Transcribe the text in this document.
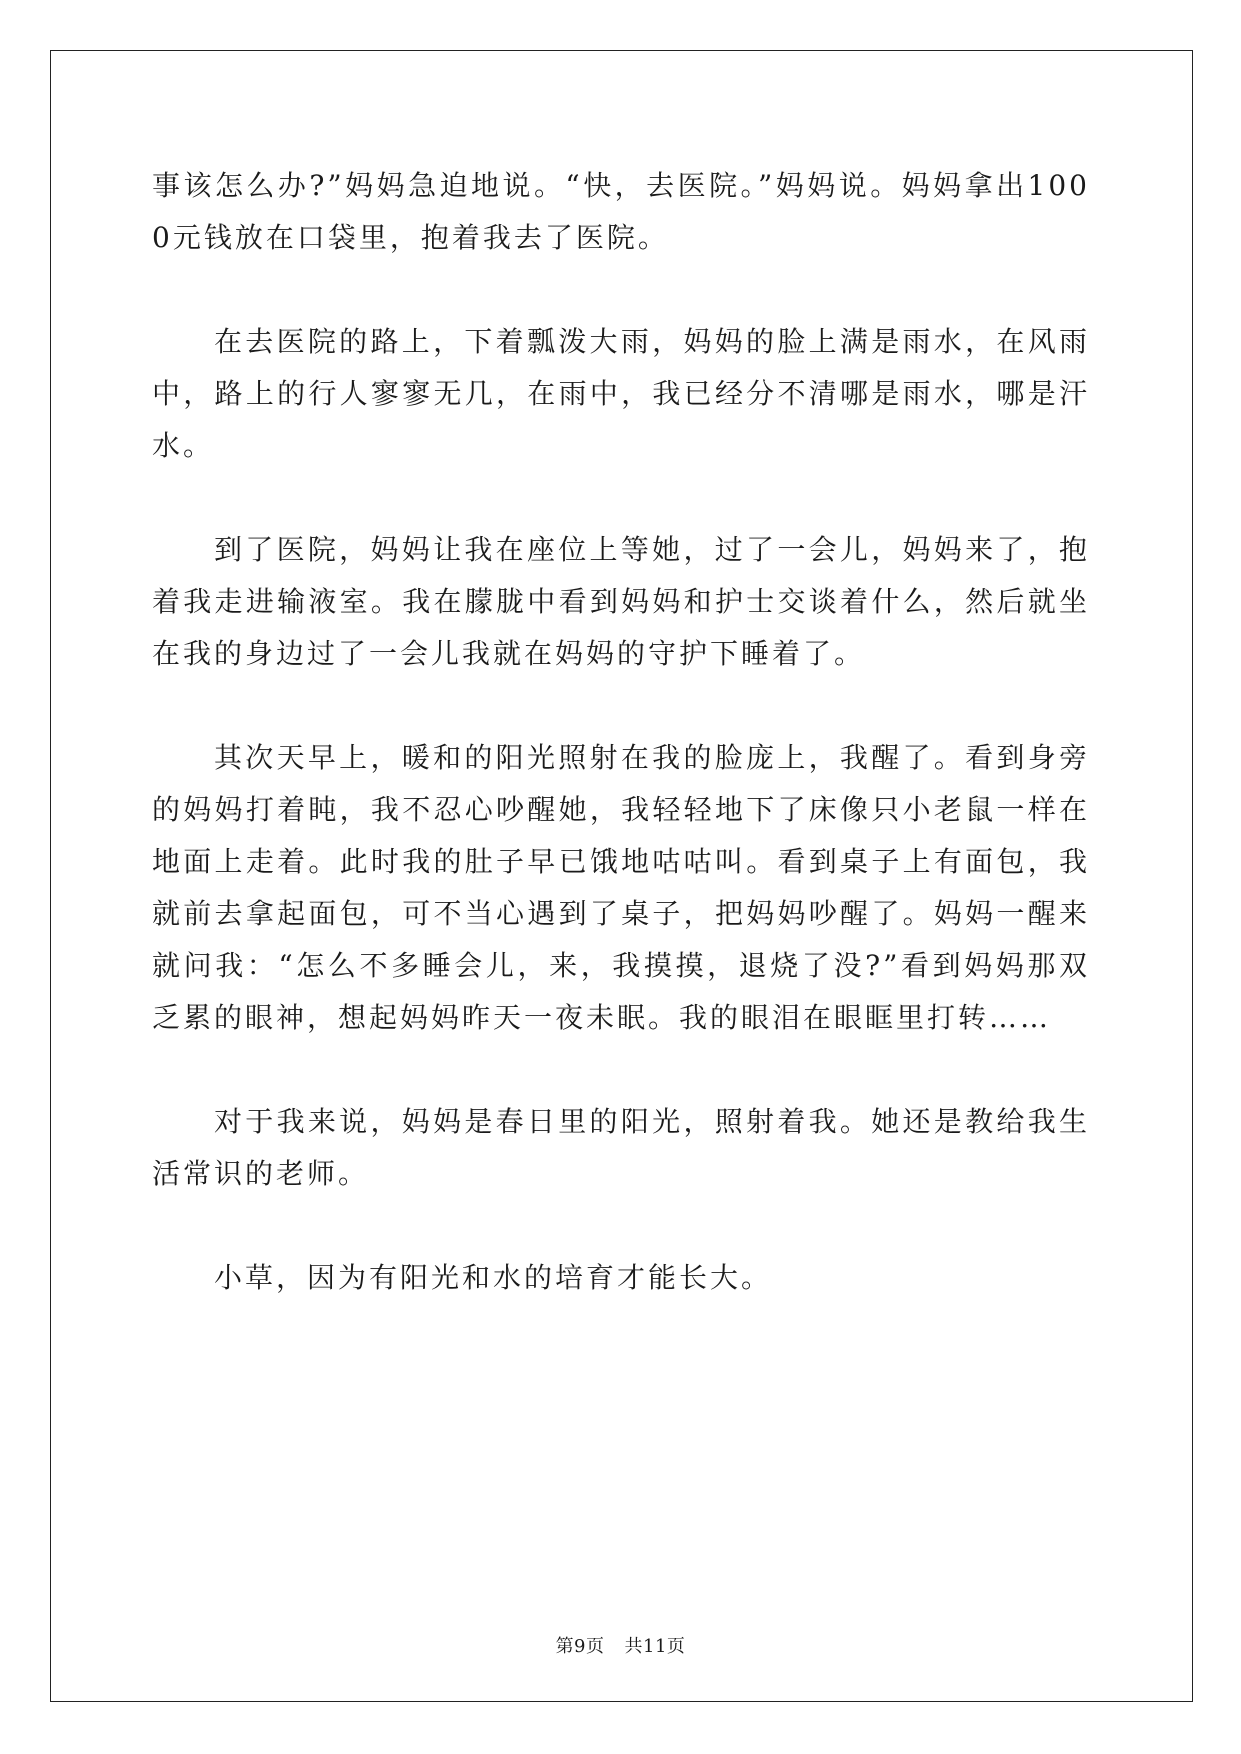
事该怎么办?”妈妈急迫地说。“快，去医院。”妈妈说。妈妈拿出1000元钱放在口袋里，抱着我去了医院。

在去医院的路上，下着瓢泼大雨，妈妈的脸上满是雨水，在风雨中，路上的行人寥寥无几，在雨中，我已经分不清哪是雨水，哪是汗水。

到了医院，妈妈让我在座位上等她，过了一会儿，妈妈来了，抱着我走进输液室。我在朦胧中看到妈妈和护士交谈着什么，然后就坐在我的身边过了一会儿我就在妈妈的守护下睡着了。

其次天早上，暖和的阳光照射在我的脸庞上，我醒了。看到身旁的妈妈打着盹，我不忍心吵醒她，我轻轻地下了床像只小老鼠一样在地面上走着。此时我的肚子早已饿地咕咕叫。看到桌子上有面包，我就前去拿起面包，可不当心遇到了桌子，把妈妈吵醒了。妈妈一醒来就问我：“怎么不多睡会儿，来，我摸摸，退烧了没?”看到妈妈那双乏累的眼神，想起妈妈昨天一夜未眠。我的眼泪在眼眶里打转……

对于我来说，妈妈是春日里的阳光，照射着我。她还是教给我生活常识的老师。

小草，因为有阳光和水的培育才能长大。

第9页 共11页
